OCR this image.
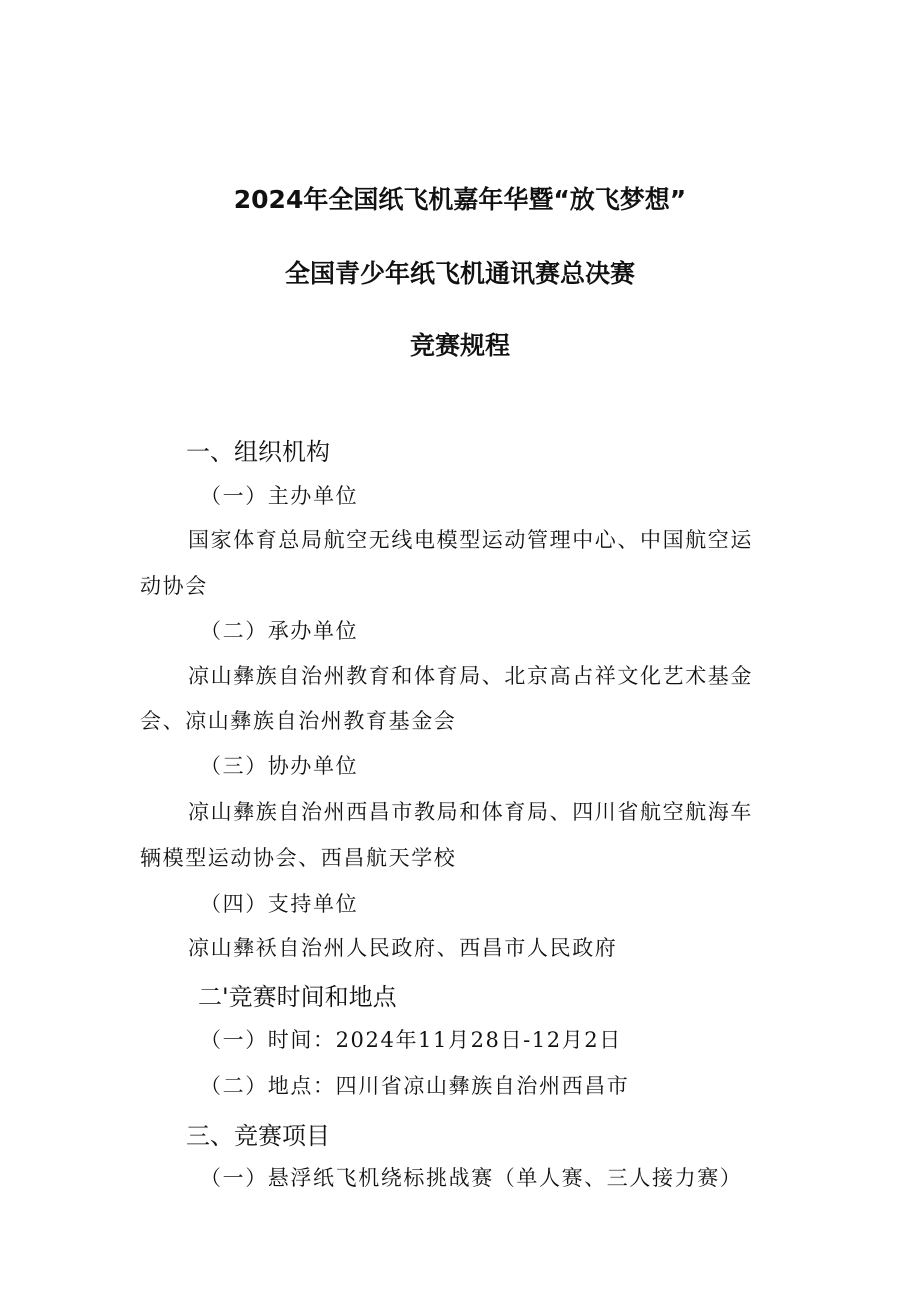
2024年全国纸飞机嘉年华暨“放飞梦想”
全国青少年纸飞机通讯赛总决赛
竞赛规程
一、组织机构
（一）主办单位
国家体育总局航空无线电模型运动管理中心、中国航空运
动协会
（二）承办单位
凉山彝族自治州教育和体育局、北京高占祥文化艺术基金
会、凉山彝族自治州教育基金会
（三）协办单位
凉山彝族自治州西昌市教局和体育局、四川省航空航海车
辆模型运动协会、西昌航天学校
（四）支持单位
凉山彝袄自治州人民政府、西昌市人民政府
二'竞赛时间和地点
（一）时间：2024年11月28日-12月2日
（二）地点：四川省凉山彝族自治州西昌市
三、竞赛项目
（一）悬浮纸飞机绕标挑战赛（单人赛、三人接力赛）
